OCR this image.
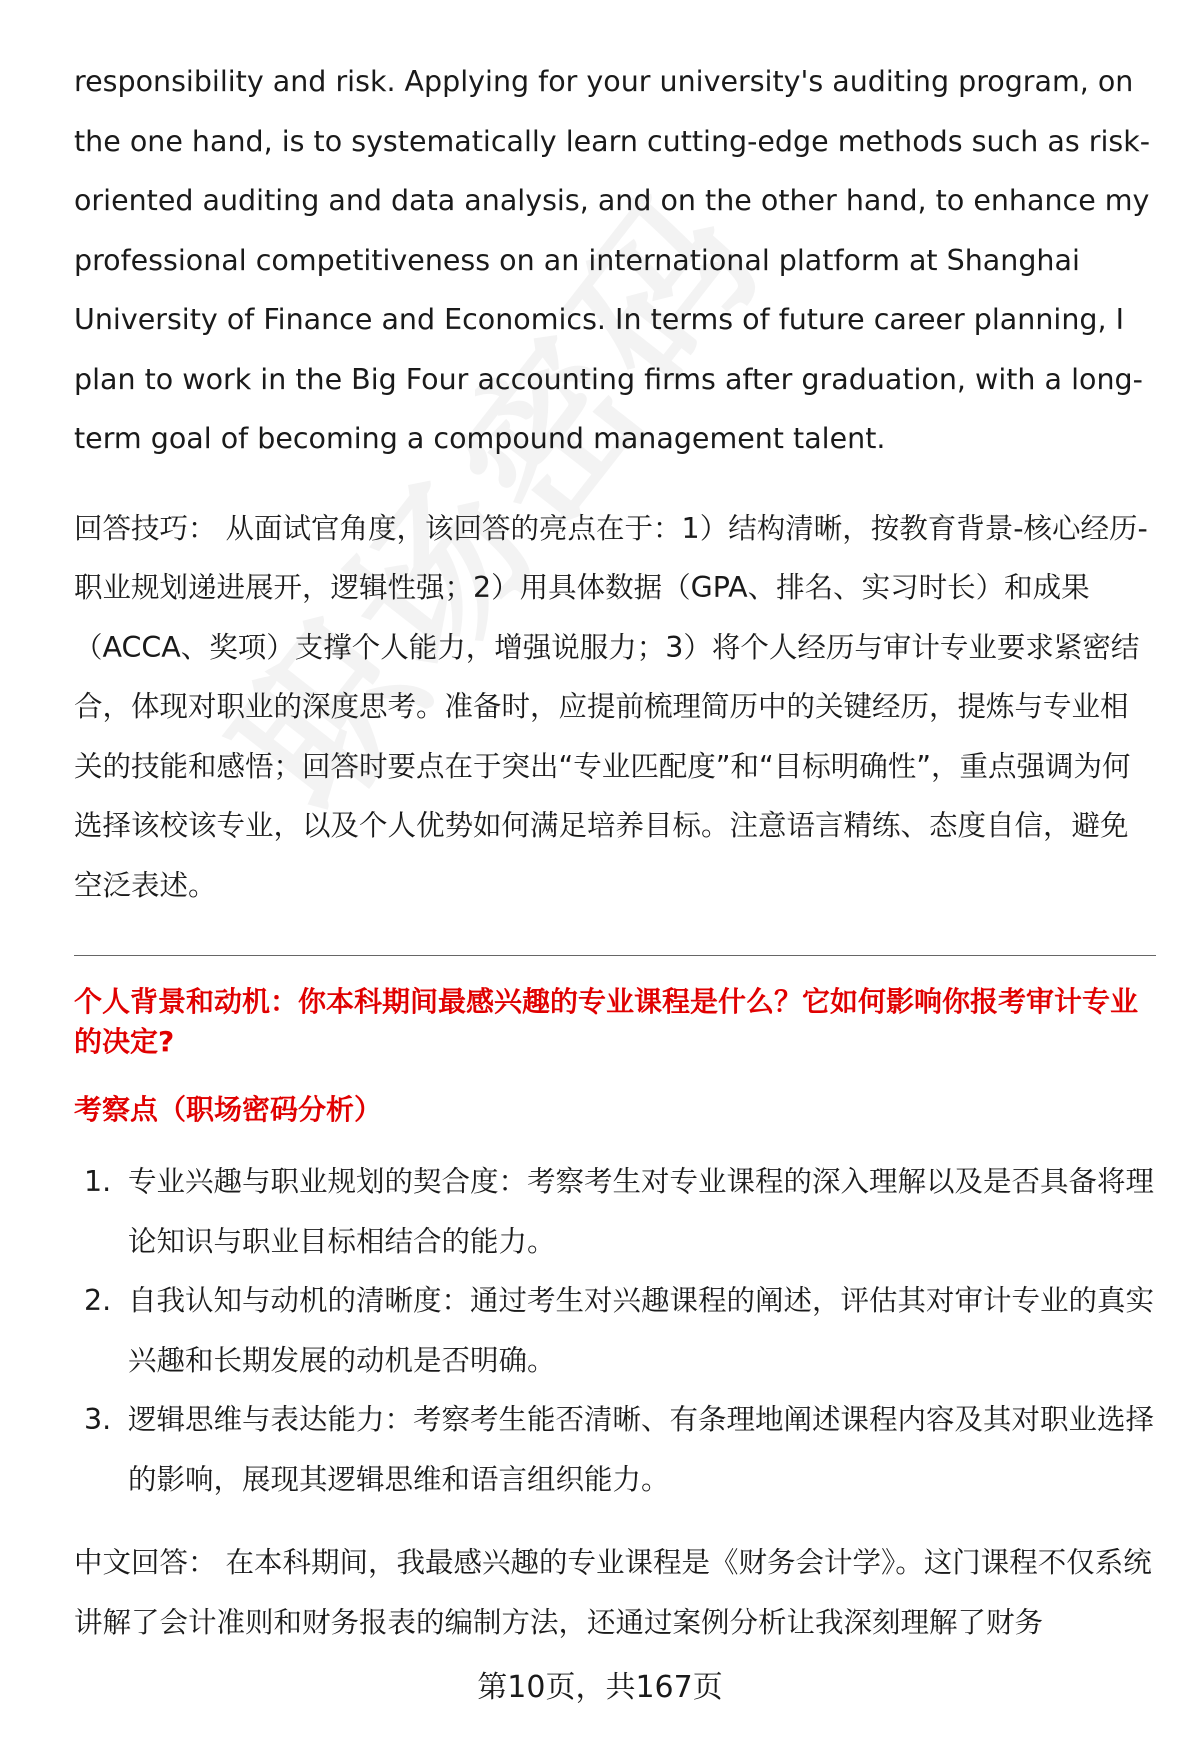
responsibility and risk. Applying for your university's auditing program, on the one hand, is to systematically learn cutting-edge methods such as risk-oriented auditing and data analysis, and on the other hand, to enhance my professional competitiveness on an international platform at Shanghai University of Finance and Economics. In terms of future career planning, I plan to work in the Big Four accounting firms after graduation, with a long-term goal of becoming a compound management talent.

回答技巧： 从面试官角度，该回答的亮点在于：1）结构清晰，按教育背景-核心经历-职业规划递进展开，逻辑性强；2）用具体数据（GPA、排名、实习时长）和成果（ACCA、奖项）支撑个人能力，增强说服力；3）将个人经历与审计专业要求紧密结合，体现对职业的深度思考。准备时，应提前梳理简历中的关键经历，提炼与专业相关的技能和感悟；回答时要点在于突出“专业匹配度”和“目标明确性”，重点强调为何选择该校该专业，以及个人优势如何满足培养目标。注意语言精练、态度自信，避免空泛表述。

个人背景和动机：你本科期间最感兴趣的专业课程是什么？它如何影响你报考审计专业的决定?

考察点（职场密码分析）

1. 专业兴趣与职业规划的契合度：考察考生对专业课程的深入理解以及是否具备将理论知识与职业目标相结合的能力。
2. 自我认知与动机的清晰度：通过考生对兴趣课程的阐述，评估其对审计专业的真实兴趣和长期发展的动机是否明确。
3. 逻辑思维与表达能力：考察考生能否清晰、有条理地阐述课程内容及其对职业选择的影响，展现其逻辑思维和语言组织能力。

中文回答： 在本科期间，我最感兴趣的专业课程是《财务会计学》。这门课程不仅系统讲解了会计准则和财务报表的编制方法，还通过案例分析让我深刻理解了财务

第10页，共167页
